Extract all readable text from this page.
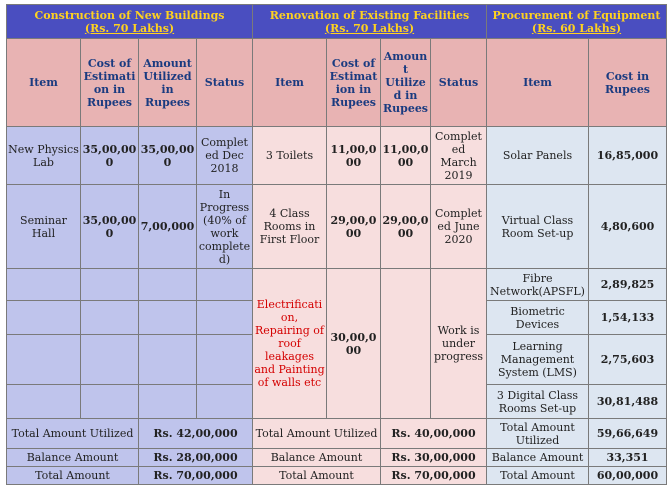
Construction of New Buildings
(Rs. 70 Lakhs)				Renovation of Existing Facilities
(Rs. 70 Lakhs)				Procurement of Equipment
(Rs. 60 Lakhs)	
Item	Cost of Estimation in Rupees	Amount Utilized in Rupees	Status	Item	Cost of Estimation in Rupees	Amount Utilized in Rupees	Status	Item	Cost in Rupees
New Physics Lab	35,00,000	35,00,000	Completed Dec 2018	3 Toilets	11,00,000	11,00,000	Completed March 2019	Solar Panels	16,85,000
Seminar Hall	35,00,000	7,00,000	In Progress (40% of work completed)	4 Class Rooms in First Floor	29,00,000	29,00,000	Completed June 2020	Virtual Class Room Set-up	4,80,600
				Electrification, Repairing of roof leakages and Painting of walls etc	30,00,000		Work is under progress	Fibre Network(APSFL)	2,89,825
								Biometric Devices	1,54,133
								Learning Management System (LMS)	2,75,603
								3 Digital Class Rooms Set-up	30,81,488
Total Amount Utilized		Rs. 42,00,000		Total Amount Utilized		Rs. 40,00,000		Total Amount Utilized	59,66,649
Balance Amount		Rs. 28,00,000		Balance Amount		Rs. 30,00,000		Balance Amount	33,351
Total Amount		Rs. 70,00,000		Total Amount		Rs. 70,00,000		Total Amount	60,00,000
